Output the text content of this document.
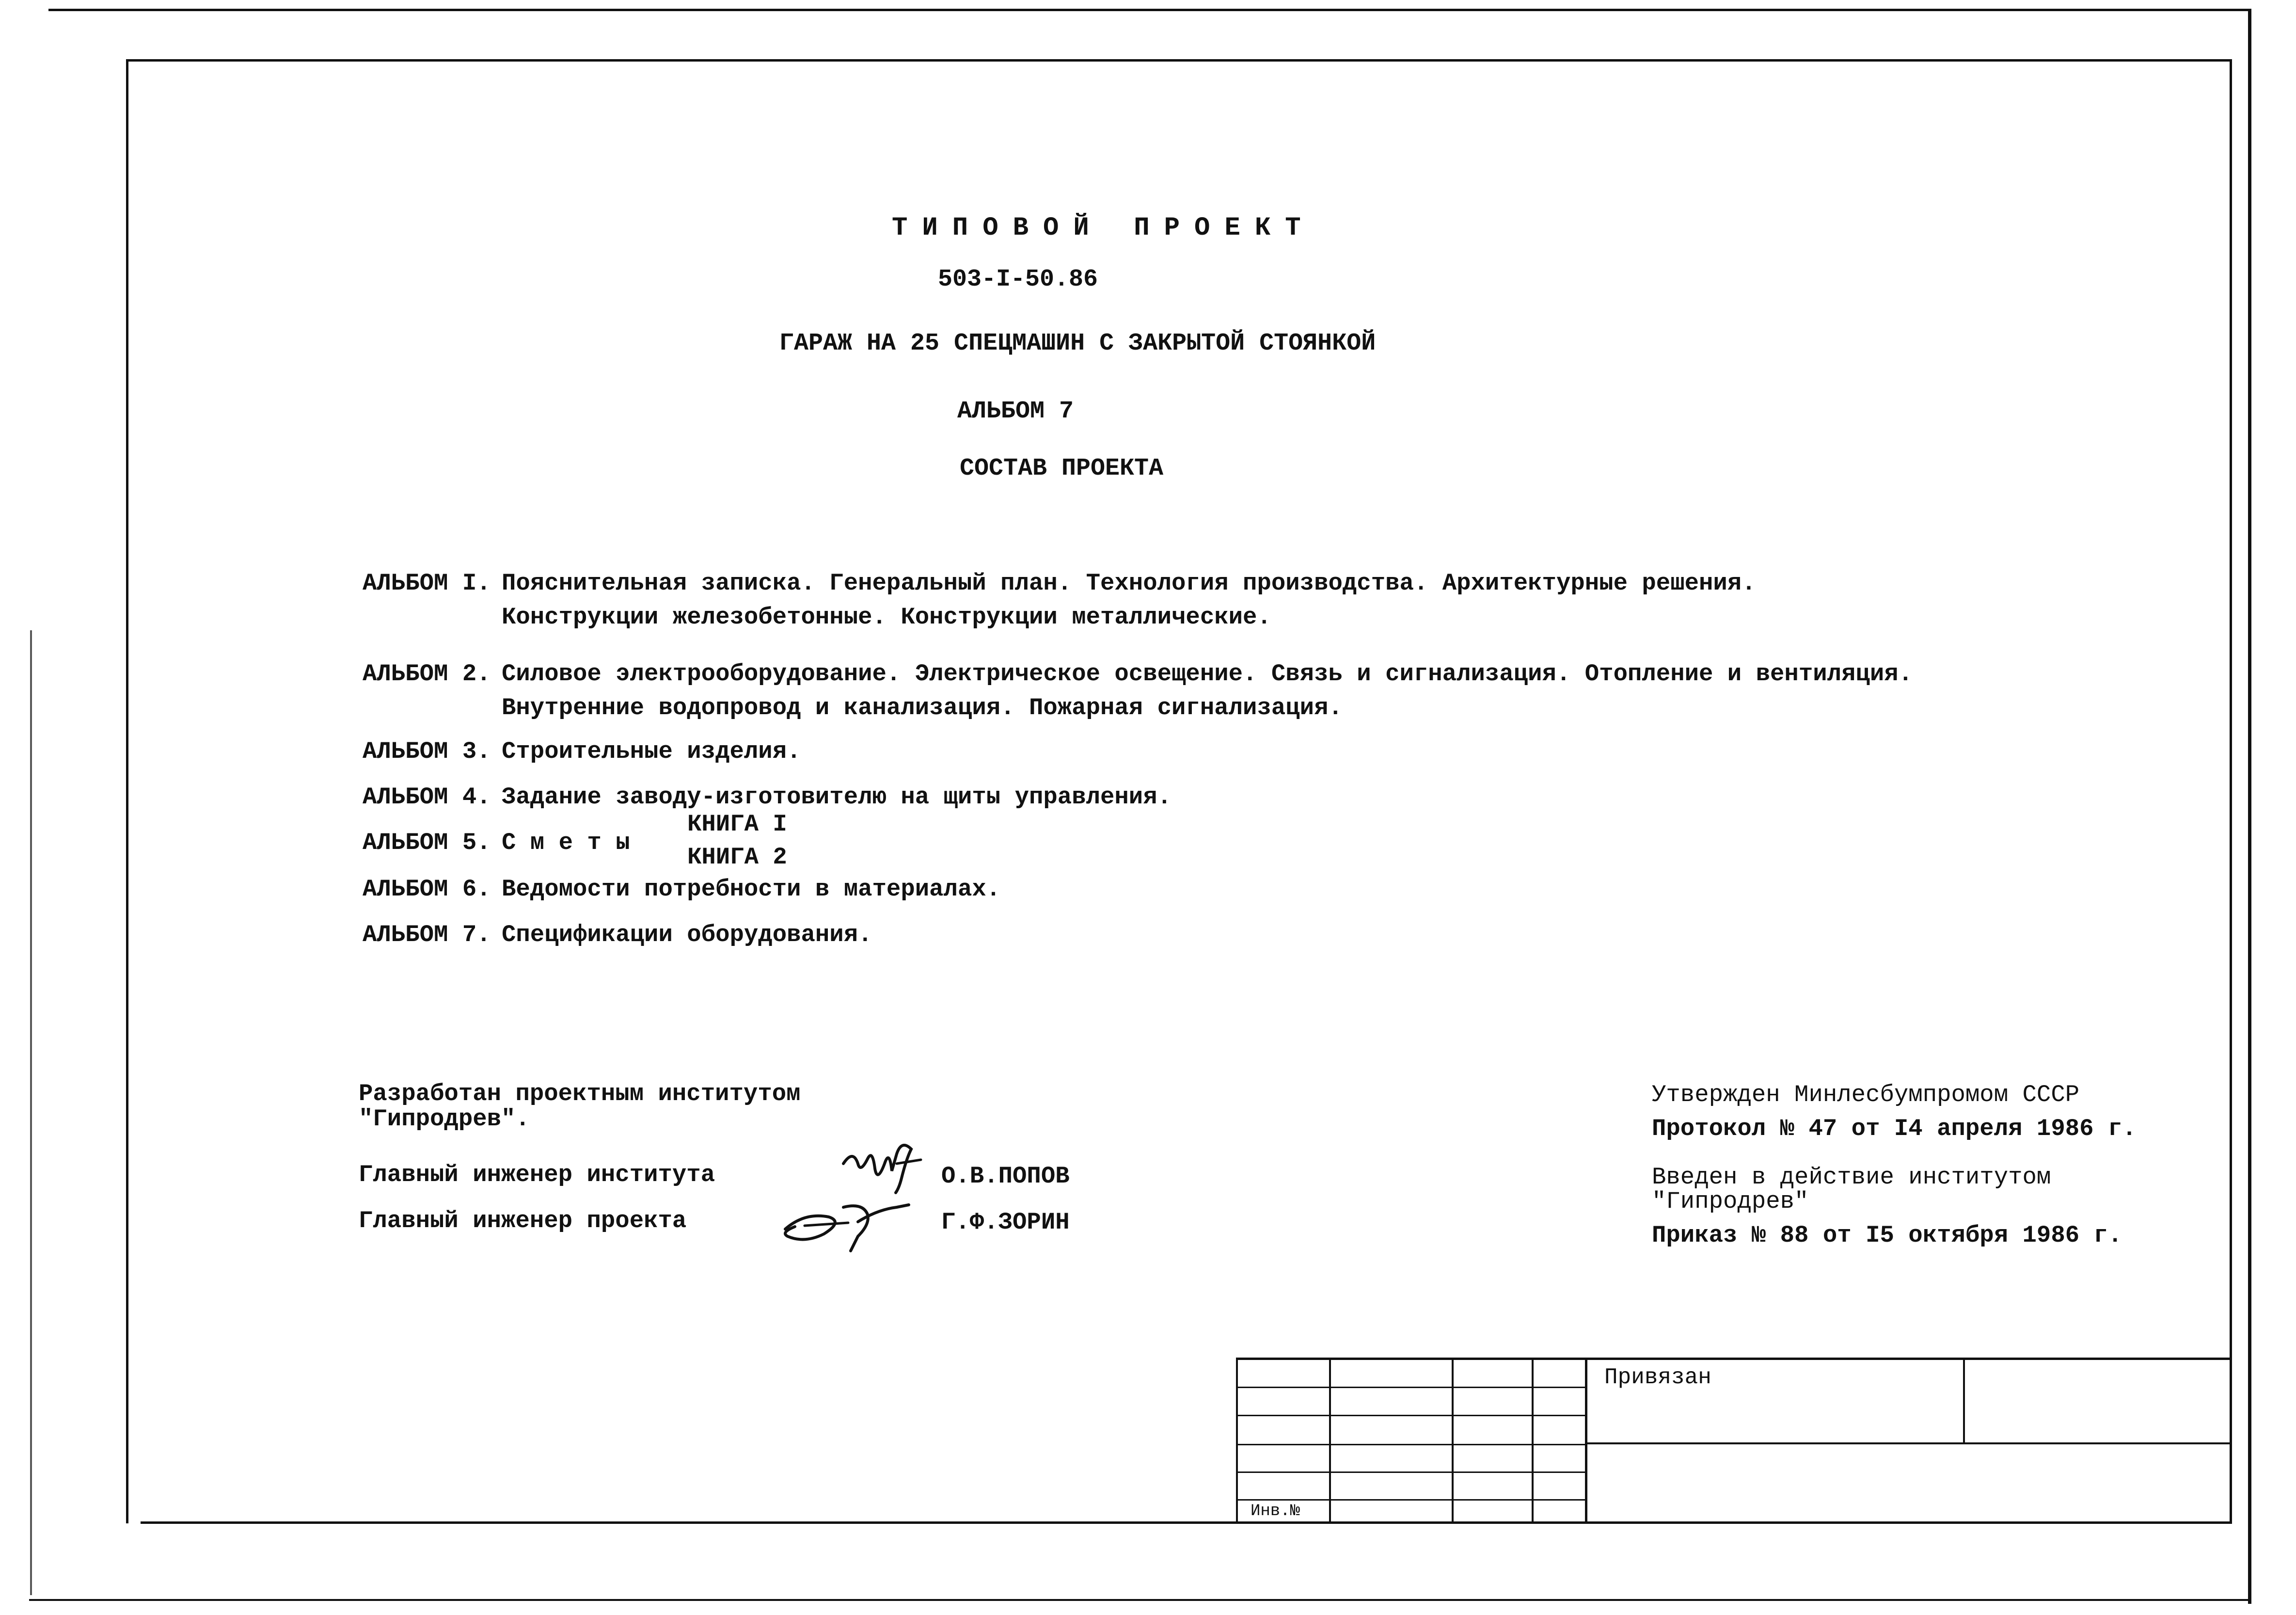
ТИПОВОЙ ПРОЕКТ
503-I-50.86
ГАРАЖ НА 25 СПЕЦМАШИН С ЗАКРЫТОЙ СТОЯНКОЙ
АЛЬБОМ 7
СОСТАВ ПРОЕКТА
АЛЬБОМ I. Пояснительная записка. Генеральный план. Технология производства. Архитектурные решения.
Конструкции железобетонные. Конструкции металлические.
АЛЬБОМ 2. Силовое электрооборудование. Электрическое освещение. Связь и сигнализация. Отопление и вентиляция.
Внутренние водопровод и канализация. Пожарная сигнализация.
АЛЬБОМ 3. Строительные изделия.
АЛЬБОМ 4. Задание заводу-изготовителю на щиты управления.
АЛЬБОМ 5. С м е т ы
КНИГА I
КНИГА 2
АЛЬБОМ 6. Ведомости потребности в материалах.
АЛЬБОМ 7. Спецификации оборудования.
Разработан проектным институтом
"Гипродрев".
Главный инженер института
Главный инженер проекта
О.В.ПОПОВ
Г.Ф.ЗОРИН
Утвержден Минлесбумпромом СССР
Протокол № 47 от I4 апреля 1986 г.
Введен в действие институтом
"Гипродрев"
Приказ № 88 от I5 октября 1986 г.
Привязан
Инв.№
